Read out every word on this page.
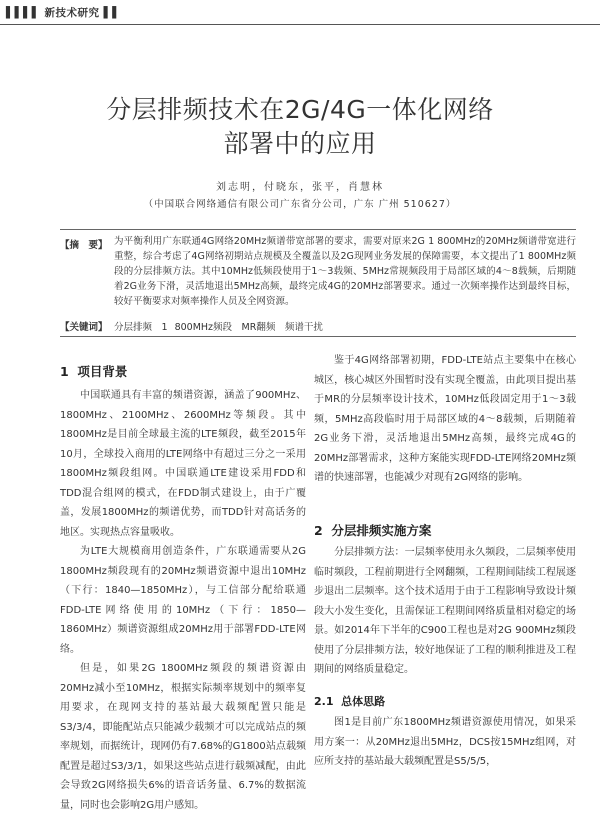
▌▌▌▌ 新技术研究 ▌▌
分层排频技术在2G/4G一体化网络
部署中的应用
刘志明，付晓东，张平，肖慧林
（中国联合网络通信有限公司广东省分公司，广东 广州 510627）
【摘　要】 为平衡利用广东联通4G网络20MHz频谱带宽部署的要求，需要对原来2G 1 800MHz的20MHz频谱带宽进行重整，综合考虑了4G网络初期站点规模及全覆盖以及2G现网业务发展的保障需要，本文提出了1 800MHz频段的分层排频方法。其中10MHz低频段使用于1～3载频、5MHz常规频段用于局部区域的4～8载频，后期随着2G业务下滑，灵活地退出5MHz高频，最终完成4G的20MHz部署要求。通过一次频率操作达到最终目标，较好平衡要求对频率操作人员及全网资源。
【关键词】 分层排频　1 800MHz频段　MR翻频　频谱干扰
1 项目背景

中国联通具有丰富的频谱资源，涵盖了900MHz、1800MHz、2100MHz、2600MHz等频段。其中1800MHz是目前全球最主流的LTE频段，截至2015年10月，全球投入商用的LTE网络中有超过三分之一采用1800MHz频段组网。中国联通LTE建设采用FDD和TDD混合组网的模式，在FDD制式建设上，由于广覆盖，发展1800MHz的频谱优势，而TDD针对高话务的地区。实现热点容量吸收。

为LTE大规模商用创造条件，广东联通需要从2G 1800MHz频段现有的20MHz频谱资源中退出10MHz（下行：1840—1850MHz），与工信部分配给联通FDD-LTE网络使用的10MHz（下行：1850—1860MHz）频谱资源组成20MHz用于部署FDD-LTE网络。

但是，如果2G 1800MHz频段的频谱资源由20MHz减小至10MHz，根据实际频率规划中的频率复用要求，在现网支持的基站最大载频配置只能是S3/3/4，即能配站点只能减少载频才可以完成站点的频率规划，而据统计，现网仍有7.68%的G1800站点载频配置是超过S3/3/1，如果这些站点进行载频减配，由此会导致2G网络损失6%的语音话务量、6.7%的数据流量，同时也会影响2G用户感知。

鉴于4G网络部署初期，FDD-LTE站点主要集中在核心城区，核心城区外围暂时没有实现全覆盖，由此项目提出基于MR的分层频率设计技术，10MHz低段固定用于1～3载频，5MHz高段临时用于局部区域的4～8载频，后期随着2G业务下滑，灵活地退出5MHz高频，最终完成4G的20MHz部署需求，这种方案能实现FDD-LTE网络20MHz频谱的快速部署，也能减少对现有2G网络的影响。

2 分层排频实施方案

分层排频方法：一层频率使用永久频段，二层频率使用临时频段，工程前期进行全网翻频，工程期间陆续工程展逐步退出二层频率。这个技术适用于由于工程影响导致设计频段大小发生变化，且需保证工程期间网络质量相对稳定的场景。如2014年下半年的C900工程也是对2G 900MHz频段使用了分层排频方法，较好地保证了工程的顺利推进及工程期间的网络质量稳定。

2.1 总体思路

图1是目前广东1800MHz频谱资源使用情况，如果采用方案一：从20MHz退出5MHz，DCS按15MHz组网，对应所支持的基站最大载频配置是S5/5/5，
